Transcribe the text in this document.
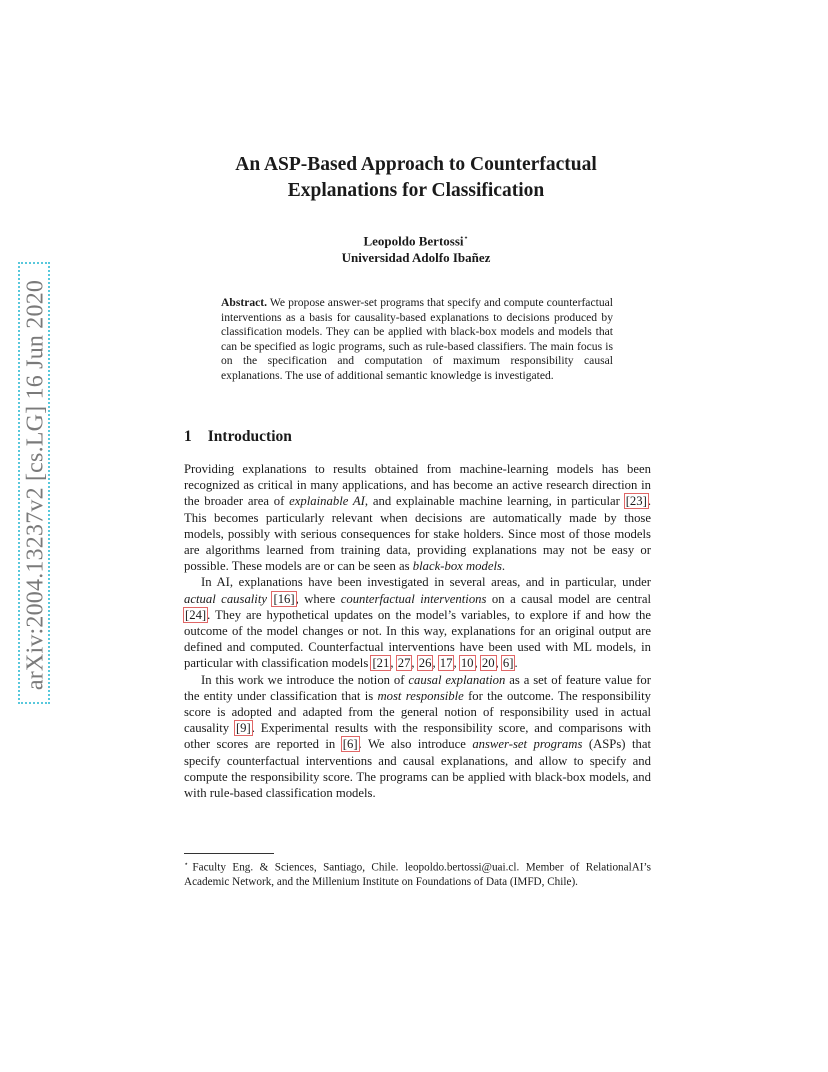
arXiv:2004.13237v2 [cs.LG] 16 Jun 2020
An ASP-Based Approach to Counterfactual
Explanations for Classification
Leopoldo Bertossi⋆
Universidad Adolfo Ibañez
Abstract. We propose answer-set programs that specify and compute counterfactual interventions as a basis for causality-based explanations to decisions produced by classification models. They can be applied with black-box models and models that can be specified as logic programs, such as rule-based classifiers. The main focus is on the specification and computation of maximum responsibility causal explanations. The use of additional semantic knowledge is investigated.
1 Introduction

Providing explanations to results obtained from machine-learning models has been recognized as critical in many applications, and has become an active research direction in the broader area of explainable AI, and explainable machine learning, in particular [23]. This becomes particularly relevant when decisions are automatically made by those models, possibly with serious consequences for stake holders. Since most of those models are algorithms learned from training data, providing explanations may not be easy or possible. These models are or can be seen as black-box models.

In AI, explanations have been investigated in several areas, and in particular, under actual causality [16], where counterfactual interventions on a causal model are central [24]. They are hypothetical updates on the model’s variables, to explore if and how the outcome of the model changes or not. In this way, explanations for an original output are defined and computed. Counterfactual interventions have been used with ML models, in particular with classification models [21, 27, 26, 17, 10, 20, 6].

In this work we introduce the notion of causal explanation as a set of feature value for the entity under classification that is most responsible for the outcome. The responsibility score is adopted and adapted from the general notion of responsibility used in actual causality [9]. Experimental results with the responsibility score, and comparisons with other scores are reported in [6]. We also introduce answer-set programs (ASPs) that specify counterfactual interventions and causal explanations, and allow to specify and compute the responsibility score. The programs can be applied with black-box models, and with rule-based classification models.

⋆ Faculty Eng. & Sciences, Santiago, Chile. leopoldo.bertossi@uai.cl. Member of RelationalAI’s Academic Network, and the Millenium Institute on Foundations of Data (IMFD, Chile).
